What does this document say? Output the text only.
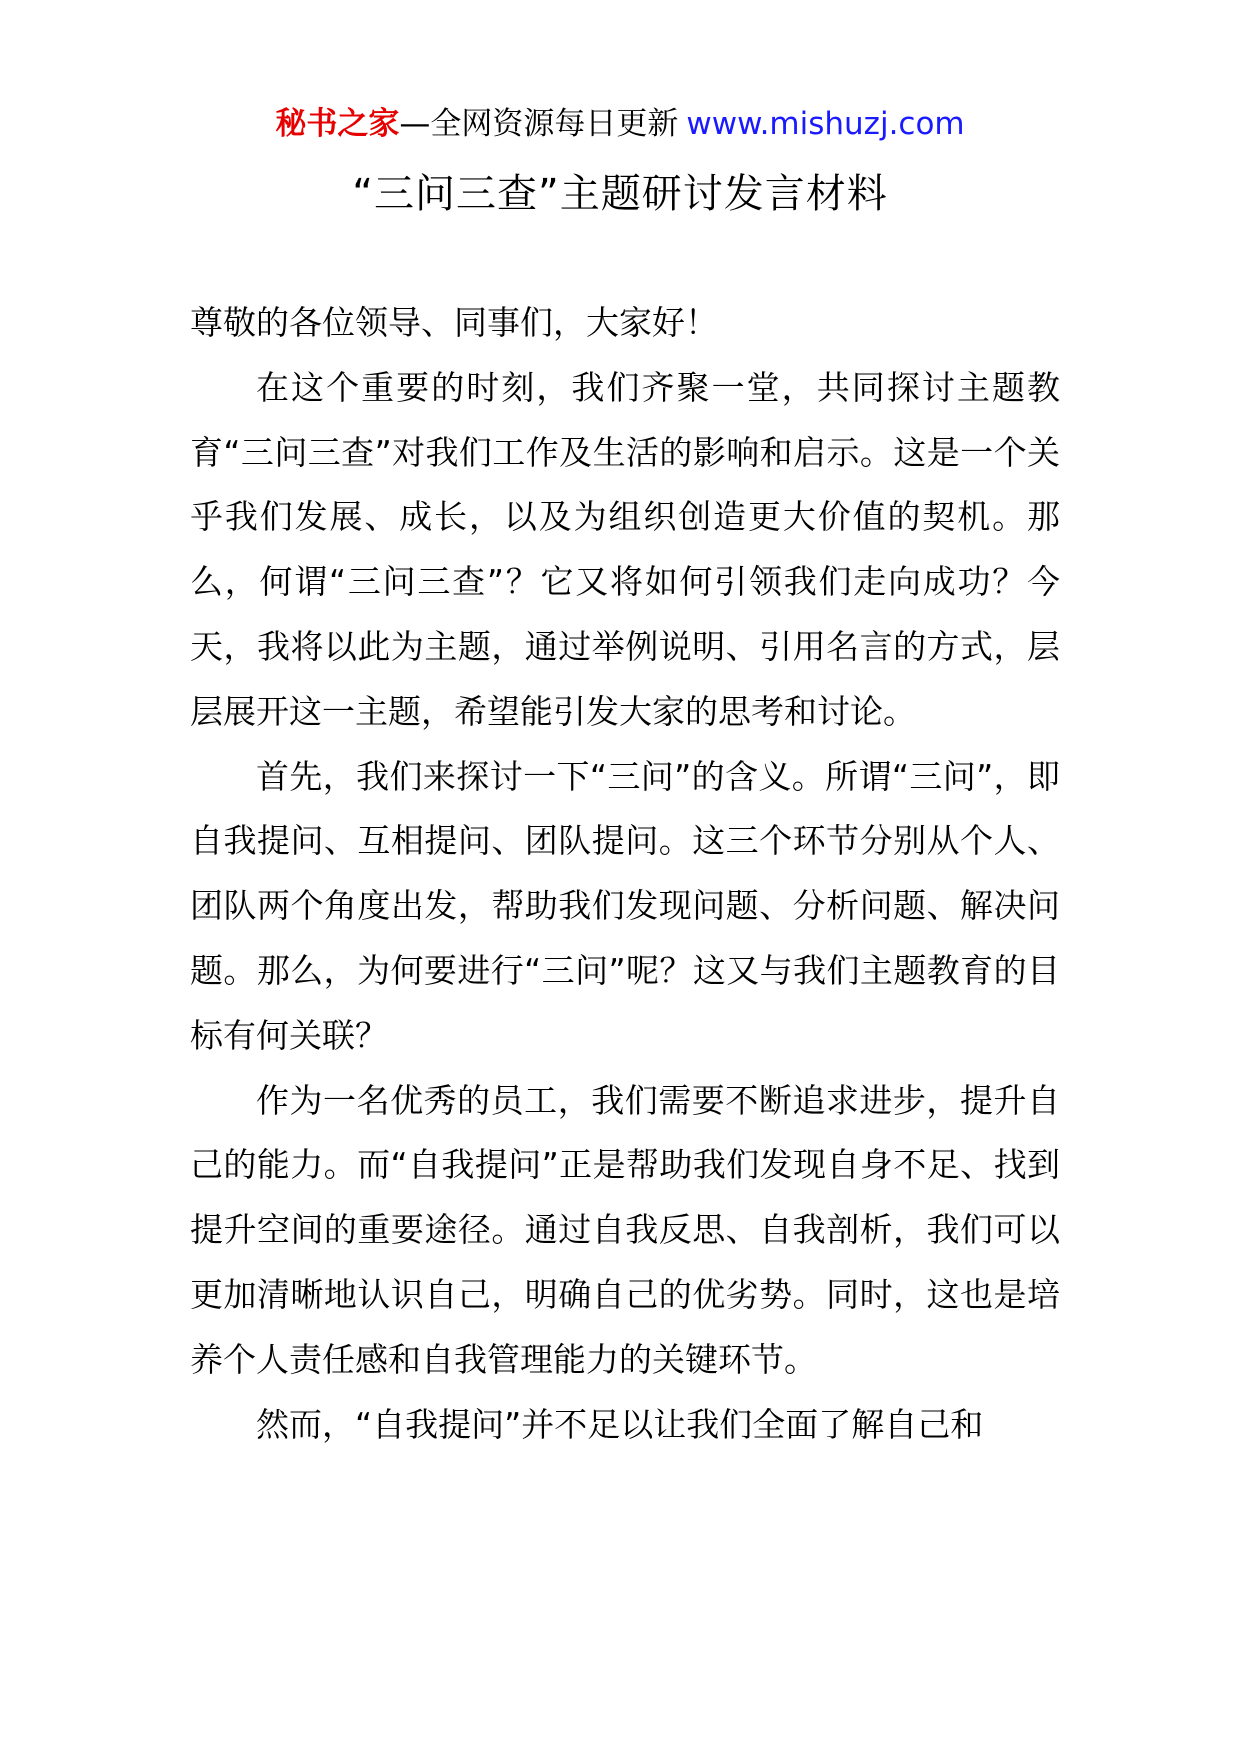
秘书之家—全网资源每日更新 www.mishuzj.com
“三问三查”主题研讨发言材料

尊敬的各位领导、同事们，大家好！

在这个重要的时刻，我们齐聚一堂，共同探讨主题教育“三问三查”对我们工作及生活的影响和启示。这是一个关乎我们发展、成长，以及为组织创造更大价值的契机。那么，何谓“三问三查”？它又将如何引领我们走向成功？今天，我将以此为主题，通过举例说明、引用名言的方式，层层展开这一主题，希望能引发大家的思考和讨论。

首先，我们来探讨一下“三问”的含义。所谓“三问”，即自我提问、互相提问、团队提问。这三个环节分别从个人、团队两个角度出发，帮助我们发现问题、分析问题、解决问题。那么，为何要进行“三问”呢？这又与我们主题教育的目标有何关联？

作为一名优秀的员工，我们需要不断追求进步，提升自己的能力。而“自我提问”正是帮助我们发现自身不足、找到提升空间的重要途径。通过自我反思、自我剖析，我们可以更加清晰地认识自己，明确自己的优劣势。同时，这也是培养个人责任感和自我管理能力的关键环节。

然而，“自我提问”并不足以让我们全面了解自己和
